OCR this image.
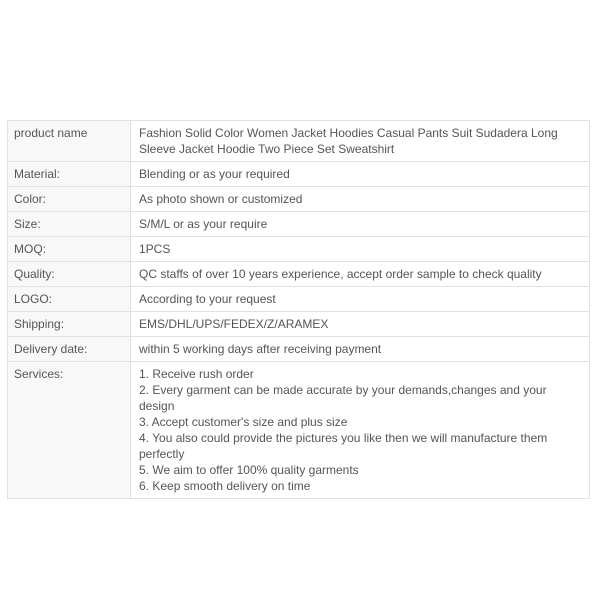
product name	Fashion Solid Color Women Jacket Hoodies Casual Pants Suit Sudadera Long Sleeve Jacket Hoodie Two Piece Set Sweatshirt
Material:	Blending or as your required
Color:	As photo shown or customized
Size:	S/M/L or as your require
MOQ:	1PCS
Quality:	QC staffs of over 10 years experience, accept order sample to check quality
LOGO:	According to your request
Shipping:	EMS/DHL/UPS/FEDEX/Z/ARAMEX
Delivery date:	within 5 working days after receiving payment
Services:	1. Receive rush order
2. Every garment can be made accurate by your demands,changes and your design
3. Accept customer's size and plus size
4. You also could provide the pictures you like then we will manufacture them perfectly
5. We aim to offer 100% quality garments
6. Keep smooth delivery on time
